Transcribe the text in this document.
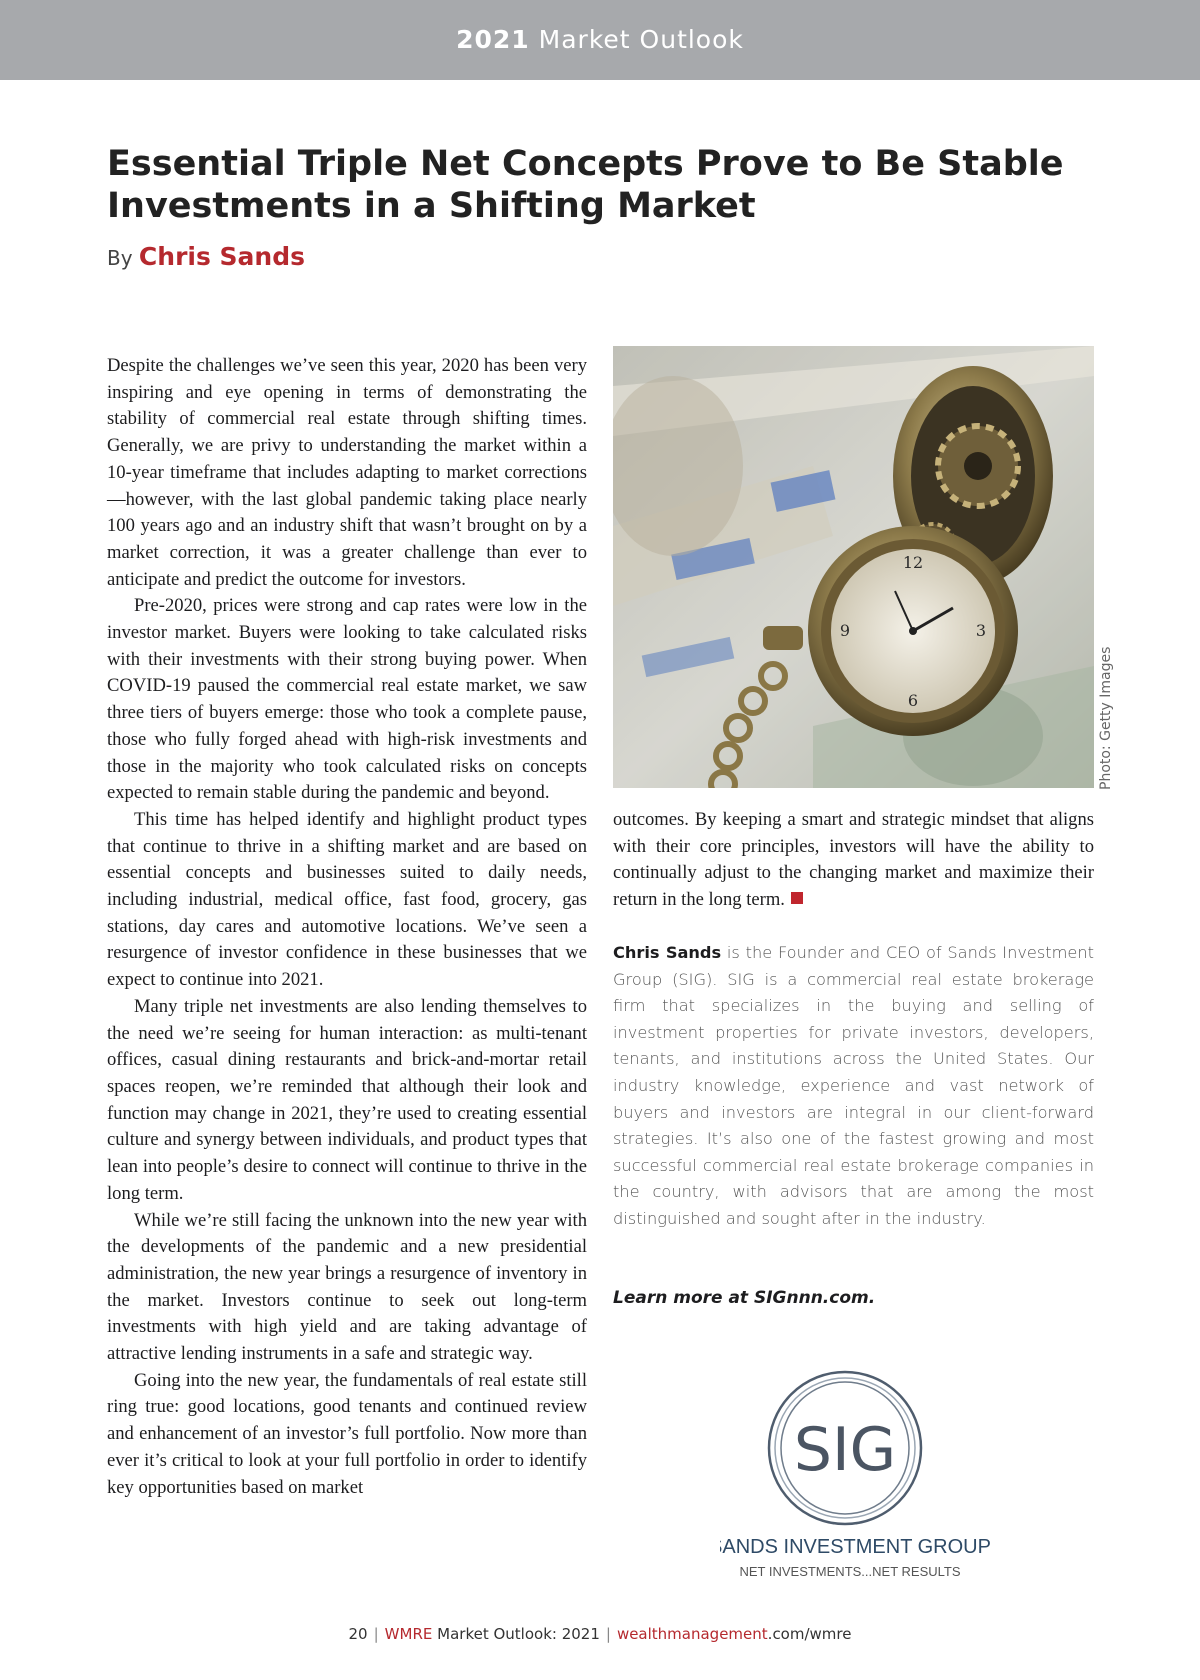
2021 Market Outlook
Essential Triple Net Concepts Prove to Be Stable Investments in a Shifting Market
By Chris Sands

Despite the challenges we’ve seen this year, 2020 has been very inspiring and eye opening in terms of demonstrating the stability of commercial real estate through shifting times. Generally, we are privy to understanding the market within a 10-year timeframe that includes adapting to market corrections—however, with the last global pandemic taking place nearly 100 years ago and an industry shift that wasn’t brought on by a market correction, it was a greater challenge than ever to anticipate and predict the outcome for investors.

Pre-2020, prices were strong and cap rates were low in the investor market. Buyers were looking to take calculated risks with their investments with their strong buying power. When COVID-19 paused the commercial real estate market, we saw three tiers of buyers emerge: those who took a complete pause, those who fully forged ahead with high-risk investments and those in the majority who took calculated risks on concepts expected to remain stable during the pandemic and beyond.

This time has helped identify and highlight product types that continue to thrive in a shifting market and are based on essential concepts and businesses suited to daily needs, including industrial, medical office, fast food, grocery, gas stations, day cares and automotive locations. We’ve seen a resurgence of investor confidence in these businesses that we expect to continue into 2021.

Many triple net investments are also lending themselves to the need we’re seeing for human interaction: as multi-tenant offices, casual dining restaurants and brick-and-mortar retail spaces reopen, we’re reminded that although their look and function may change in 2021, they’re used to creating essential culture and synergy between individuals, and product types that lean into people’s desire to connect will continue to thrive in the long term.

While we’re still facing the unknown into the new year with the developments of the pandemic and a new presidential administration, the new year brings a resurgence of inventory in the market. Investors continue to seek out long-term investments with high yield and are taking advantage of attractive lending instruments in a safe and strategic way.

Going into the new year, the fundamentals of real estate still ring true: good locations, good tenants and continued review and enhancement of an investor’s full portfolio. Now more than ever it’s critical to look at your full portfolio in order to identify key opportunities based on market

12
3
6
9
Photo: Getty Images

outcomes. By keeping a smart and strategic mindset that aligns with their core principles, investors will have the ability to continually adjust to the changing market and maximize their return in the long term.

Chris Sands is the Founder and CEO of Sands Investment Group (SIG). SIG is a commercial real estate brokerage firm that specializes in the buying and selling of investment properties for private investors, developers, tenants, and institutions across the United States. Our industry knowledge, experience and vast network of buyers and investors are integral in our client-forward strategies. It’s also one of the fastest growing and most successful commercial real estate brokerage companies in the country, with advisors that are among the most distinguished and sought after in the industry.
Learn more at SIGnnn.com.
SIG
SANDS INVESTMENT GROUP
NET INVESTMENTS...NET RESULTS
20 | WMRE Market Outlook: 2021 | wealthmanagement.com/wmre
